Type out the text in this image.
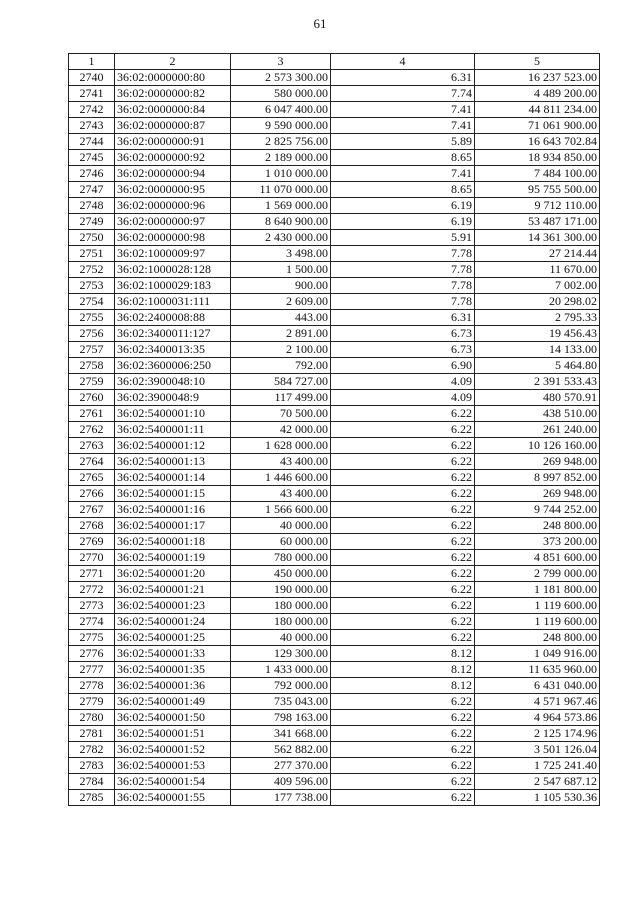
61
1	2	3	4	5
2740	36:02:0000000:80	2 573 300.00	6.31	16 237 523.00
2741	36:02:0000000:82	580 000.00	7.74	4 489 200.00
2742	36:02:0000000:84	6 047 400.00	7.41	44 811 234.00
2743	36:02:0000000:87	9 590 000.00	7.41	71 061 900.00
2744	36:02:0000000:91	2 825 756.00	5.89	16 643 702.84
2745	36:02:0000000:92	2 189 000.00	8.65	18 934 850.00
2746	36:02:0000000:94	1 010 000.00	7.41	7 484 100.00
2747	36:02:0000000:95	11 070 000.00	8.65	95 755 500.00
2748	36:02:0000000:96	1 569 000.00	6.19	9 712 110.00
2749	36:02:0000000:97	8 640 900.00	6.19	53 487 171.00
2750	36:02:0000000:98	2 430 000.00	5.91	14 361 300.00
2751	36:02:1000009:97	3 498.00	7.78	27 214.44
2752	36:02:1000028:128	1 500.00	7.78	11 670.00
2753	36:02:1000029:183	900.00	7.78	7 002.00
2754	36:02:1000031:111	2 609.00	7.78	20 298.02
2755	36:02:2400008:88	443.00	6.31	2 795.33
2756	36:02:3400011:127	2 891.00	6.73	19 456.43
2757	36:02:3400013:35	2 100.00	6.73	14 133.00
2758	36:02:3600006:250	792.00	6.90	5 464.80
2759	36:02:3900048:10	584 727.00	4.09	2 391 533.43
2760	36:02:3900048:9	117 499.00	4.09	480 570.91
2761	36:02:5400001:10	70 500.00	6.22	438 510.00
2762	36:02:5400001:11	42 000.00	6.22	261 240.00
2763	36:02:5400001:12	1 628 000.00	6.22	10 126 160.00
2764	36:02:5400001:13	43 400.00	6.22	269 948.00
2765	36:02:5400001:14	1 446 600.00	6.22	8 997 852.00
2766	36:02:5400001:15	43 400.00	6.22	269 948.00
2767	36:02:5400001:16	1 566 600.00	6.22	9 744 252.00
2768	36:02:5400001:17	40 000.00	6.22	248 800.00
2769	36:02:5400001:18	60 000.00	6.22	373 200.00
2770	36:02:5400001:19	780 000.00	6.22	4 851 600.00
2771	36:02:5400001:20	450 000.00	6.22	2 799 000.00
2772	36:02:5400001:21	190 000.00	6.22	1 181 800.00
2773	36:02:5400001:23	180 000.00	6.22	1 119 600.00
2774	36:02:5400001:24	180 000.00	6.22	1 119 600.00
2775	36:02:5400001:25	40 000.00	6.22	248 800.00
2776	36:02:5400001:33	129 300.00	8.12	1 049 916.00
2777	36:02:5400001:35	1 433 000.00	8.12	11 635 960.00
2778	36:02:5400001:36	792 000.00	8.12	6 431 040.00
2779	36:02:5400001:49	735 043.00	6.22	4 571 967.46
2780	36:02:5400001:50	798 163.00	6.22	4 964 573.86
2781	36:02:5400001:51	341 668.00	6.22	2 125 174.96
2782	36:02:5400001:52	562 882.00	6.22	3 501 126.04
2783	36:02:5400001:53	277 370.00	6.22	1 725 241.40
2784	36:02:5400001:54	409 596.00	6.22	2 547 687.12
2785	36:02:5400001:55	177 738.00	6.22	1 105 530.36
